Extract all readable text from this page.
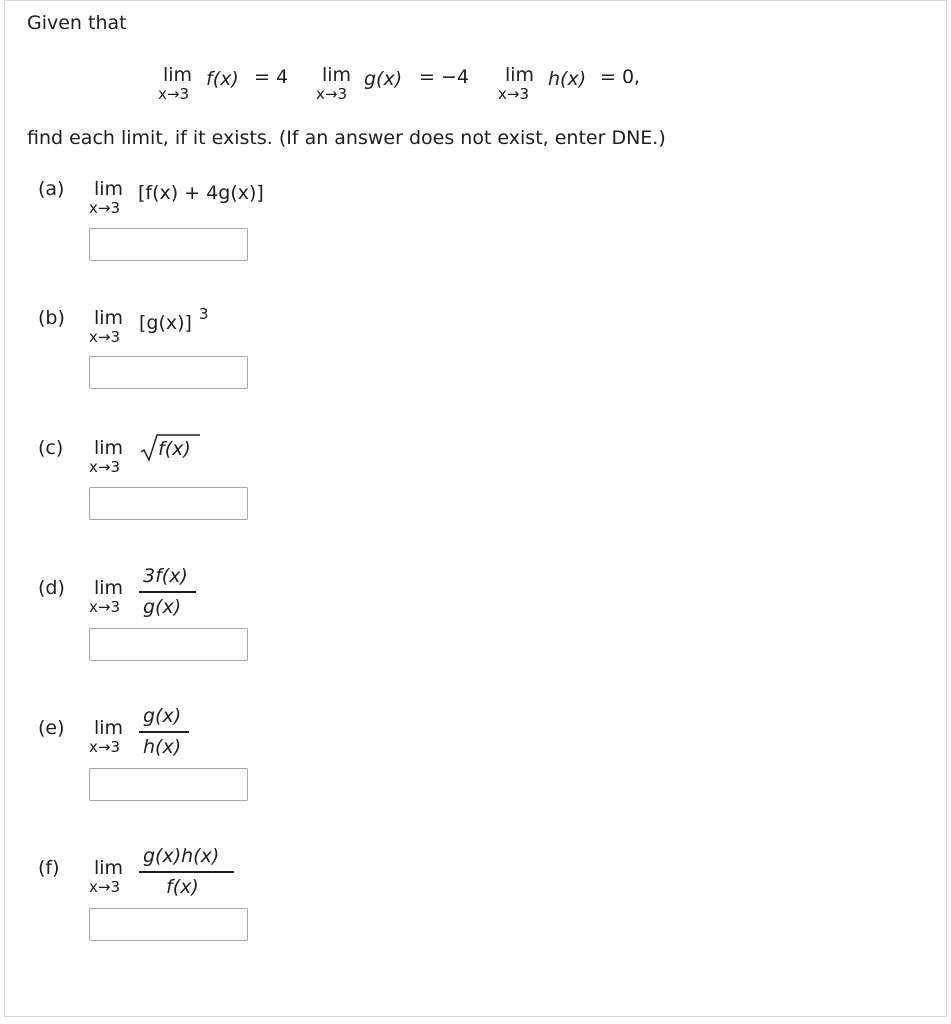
Given that
lim
x→3
f(x) = 4 lim
x→3
g(x) = −4 lim
x→3
h(x) = 0,
find each limit, if it exists. (If an answer does not exist, enter DNE.)
(a) lim
x→3
[f(x) + 4g(x)]
(b) lim
x→3
[g(x)] 3
(c) lim
x→3
f(x)
(d) lim
x→3
3f(x)
g(x)
(e) lim
x→3
g(x)
h(x)
(f) lim
x→3
g(x)h(x)
f(x)
